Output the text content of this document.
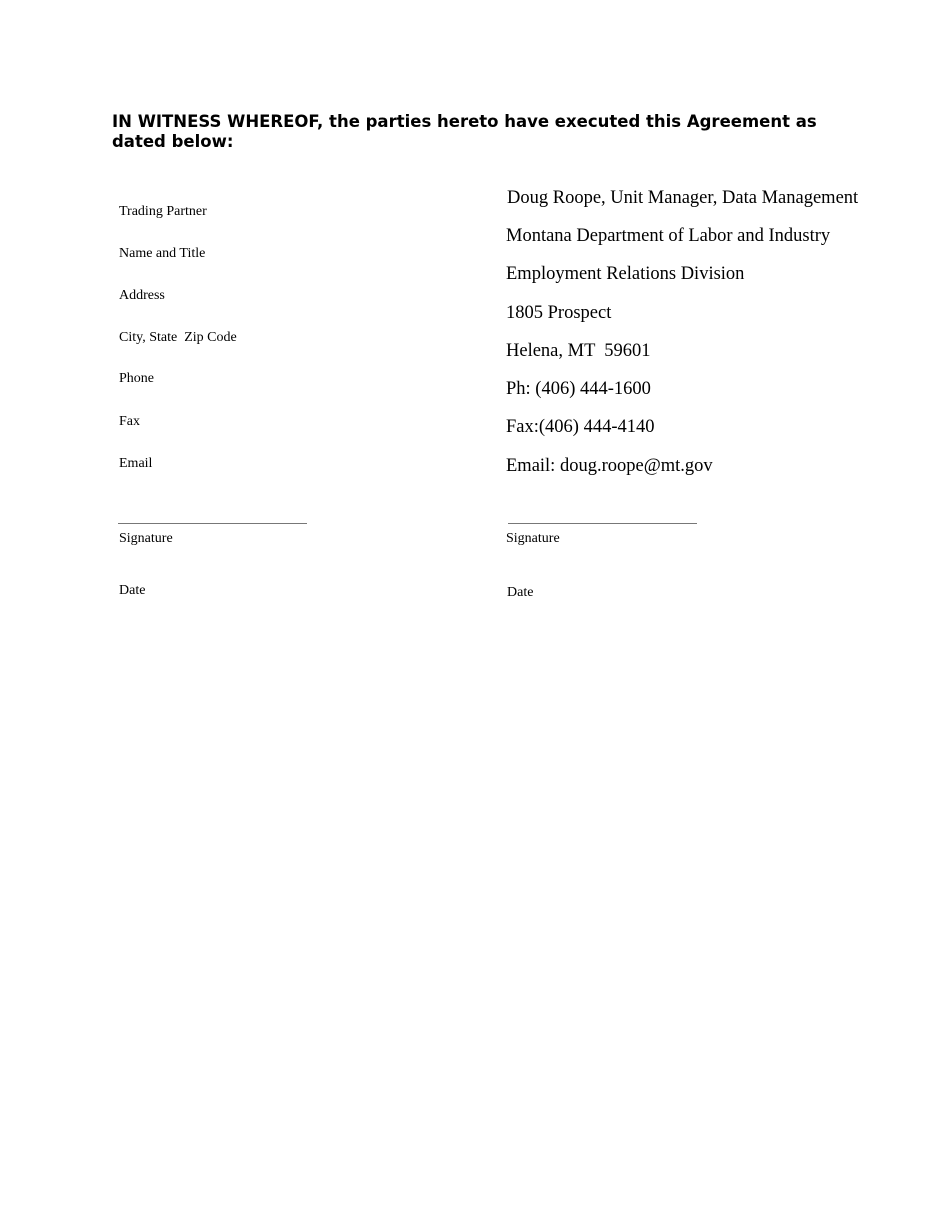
IN WITNESS WHEREOF, the parties hereto have executed this Agreement as dated below:
Trading Partner
Name and Title
Address
City, State  Zip Code
Phone
Fax
Email
Doug Roope, Unit Manager, Data Management
Montana Department of Labor and Industry
Employment Relations Division
1805 Prospect
Helena, MT  59601
Ph: (406) 444-1600
Fax:(406) 444-4140
Email: doug.roope@mt.gov
Signature
Date
Signature
Date
